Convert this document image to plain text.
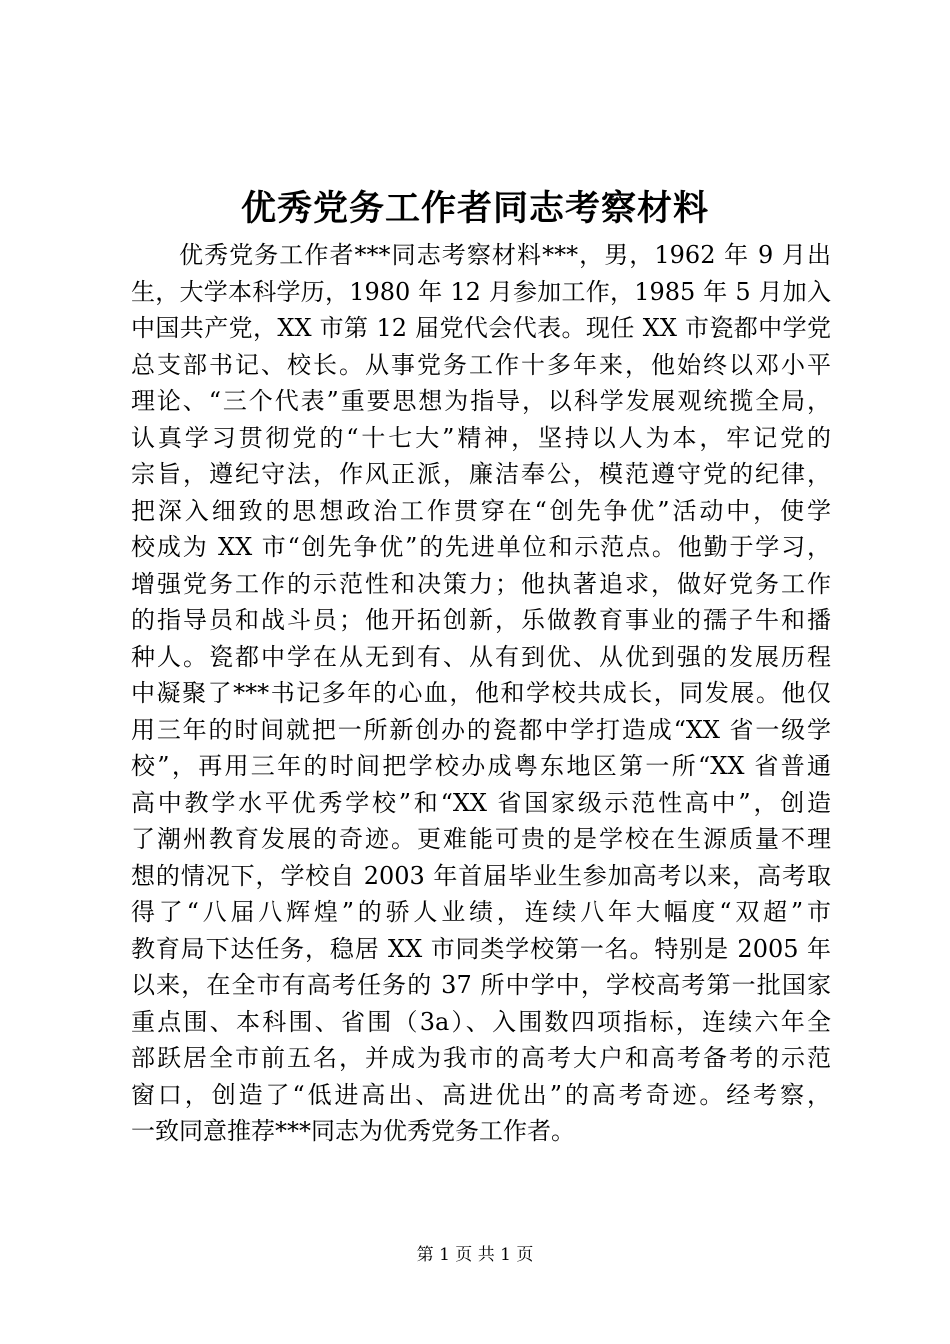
优秀党务工作者同志考察材料
优秀党务工作者***同志考察材料***，男，1962 年 9 月出
生，大学本科学历，1980 年 12 月参加工作，1985 年 5 月加入
中国共产党，XX 市第 12 届党代会代表。现任 XX 市瓷都中学党
总支部书记、校长。从事党务工作十多年来，他始终以邓小平
理论、“三个代表”重要思想为指导，以科学发展观统揽全局，
认真学习贯彻党的“十七大”精神，坚持以人为本，牢记党的
宗旨，遵纪守法，作风正派，廉洁奉公，模范遵守党的纪律，
把深入细致的思想政治工作贯穿在“创先争优”活动中，使学
校成为 XX 市“创先争优”的先进单位和示范点。他勤于学习，
增强党务工作的示范性和决策力；他执著追求，做好党务工作
的指导员和战斗员；他开拓创新，乐做教育事业的孺子牛和播
种人。瓷都中学在从无到有、从有到优、从优到强的发展历程
中凝聚了***书记多年的心血，他和学校共成长，同发展。他仅
用三年的时间就把一所新创办的瓷都中学打造成“XX 省一级学
校”，再用三年的时间把学校办成粤东地区第一所“XX 省普通
高中教学水平优秀学校”和“XX 省国家级示范性高中”，创造
了潮州教育发展的奇迹。更难能可贵的是学校在生源质量不理
想的情况下，学校自 2003 年首届毕业生参加高考以来，高考取
得了“八届八辉煌”的骄人业绩，连续八年大幅度“双超”市
教育局下达任务，稳居 XX 市同类学校第一名。特别是 2005 年
以来，在全市有高考任务的 37 所中学中，学校高考第一批国家
重点围、本科围、省围（3a）、入围数四项指标，连续六年全
部跃居全市前五名，并成为我市的高考大户和高考备考的示范
窗口，创造了“低进高出、高进优出”的高考奇迹。经考察，
一致同意推荐***同志为优秀党务工作者。
第 1 页 共 1 页
